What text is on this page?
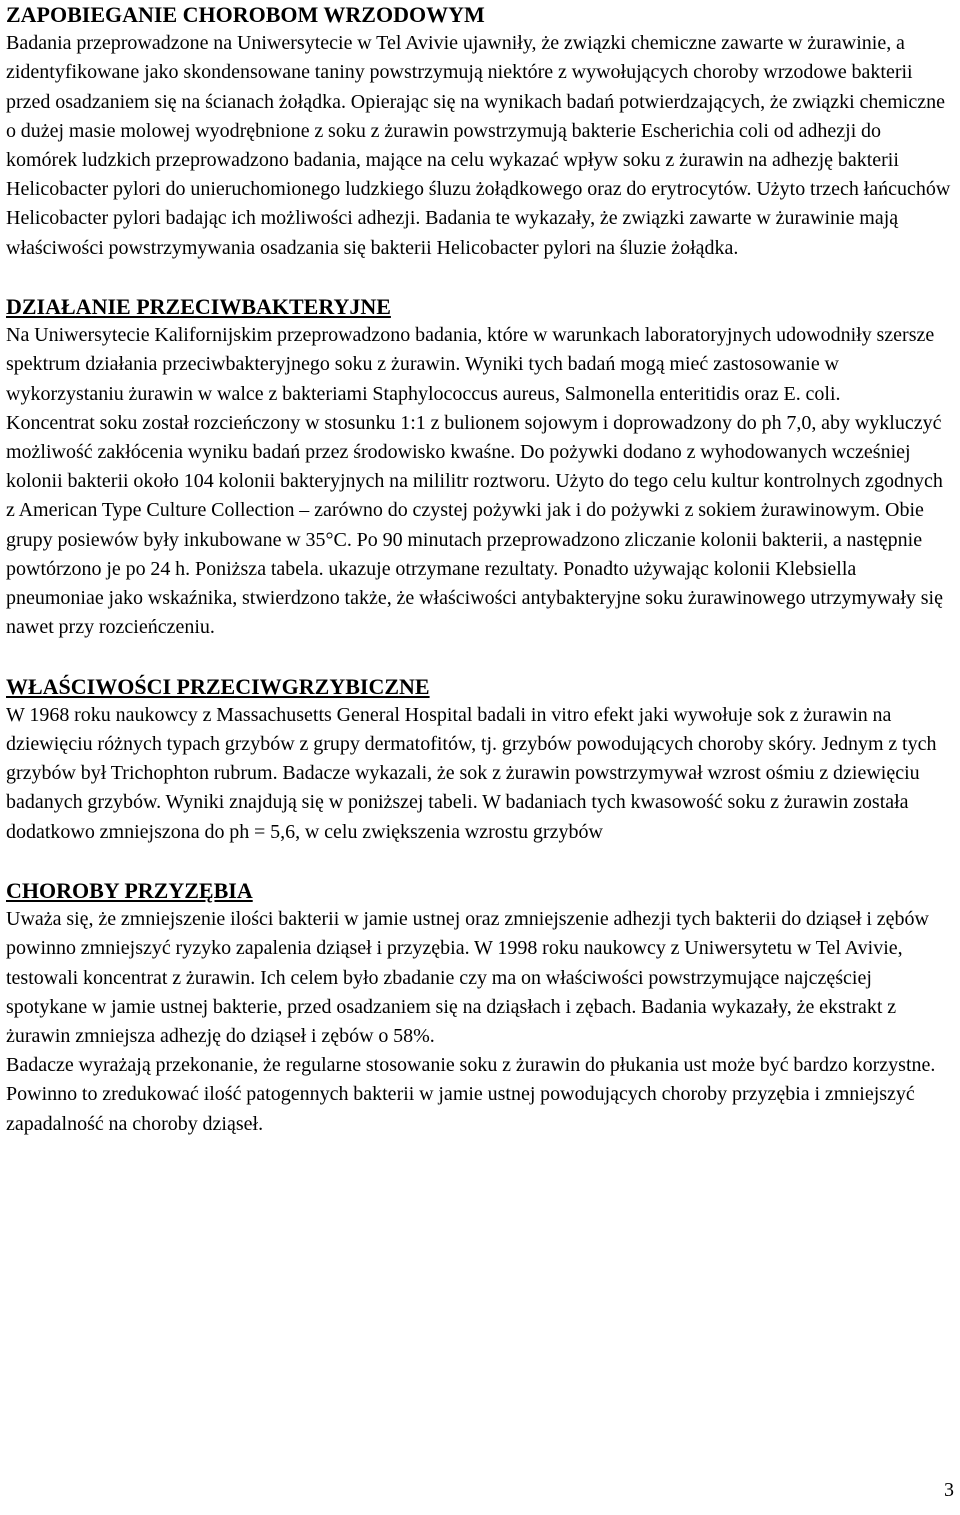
ZAPOBIEGANIE CHOROBOM WRZODOWYM

Badania przeprowadzone na Uniwersytecie w Tel Avivie ujawniły, że związki chemiczne zawarte w żurawinie, a zidentyfikowane jako skondensowane taniny powstrzymują niektóre z wywołujących choroby wrzodowe bakterii przed osadzaniem się na ścianach żołądka. Opierając się na wynikach badań potwierdzających, że związki chemiczne o dużej masie molowej wyodrębnione z soku z żurawin powstrzymują bakterie Escherichia coli od adhezji do komórek ludzkich przeprowadzono badania, mające na celu wykazać wpływ soku z żurawin na adhezję bakterii Helicobacter pylori do unieruchomionego ludzkiego śluzu żołądkowego oraz do erytrocytów. Użyto trzech łańcuchów Helicobacter pylori badając ich możliwości adhezji. Badania te wykazały, że związki zawarte w żurawinie mają właściwości powstrzymywania osadzania się bakterii Helicobacter pylori na śluzie żołądka.

DZIAŁANIE PRZECIWBAKTERYJNE

Na Uniwersytecie Kalifornijskim przeprowadzono badania, które w warunkach laboratoryjnych udowodniły szersze spektrum działania przeciwbakteryjnego soku z żurawin. Wyniki tych badań mogą mieć zastosowanie w wykorzystaniu żurawin w walce z bakteriami Staphylococcus aureus, Salmonella enteritidis oraz E. coli.

Koncentrat soku został rozcieńczony w stosunku 1:1 z bulionem sojowym i doprowadzony do ph 7,0, aby wykluczyć możliwość zakłócenia wyniku badań przez środowisko kwaśne. Do pożywki dodano z wyhodowanych wcześniej kolonii bakterii około 104 kolonii bakteryjnych na mililitr roztworu. Użyto do tego celu kultur kontrolnych zgodnych z American Type Culture Collection – zarówno do czystej pożywki jak i do pożywki z sokiem żurawinowym. Obie grupy posiewów były inkubowane w 35°C. Po 90 minutach przeprowadzono zliczanie kolonii bakterii, a następnie powtórzono je po 24 h. Poniższa tabela. ukazuje otrzymane rezultaty. Ponadto używając kolonii Klebsiella pneumoniae jako wskaźnika, stwierdzono także, że właściwości antybakteryjne soku żurawinowego utrzymywały się nawet przy rozcieńczeniu.

WŁAŚCIWOŚCI PRZECIWGRZYBICZNE

W 1968 roku naukowcy z Massachusetts General Hospital badali in vitro efekt jaki wywołuje sok z żurawin na dziewięciu różnych typach grzybów z grupy dermatofitów, tj. grzybów powodujących choroby skóry. Jednym z tych grzybów był Trichophton rubrum. Badacze wykazali, że sok z żurawin powstrzymywał wzrost ośmiu z dziewięciu badanych grzybów. Wyniki znajdują się w poniższej tabeli. W badaniach tych kwasowość soku z żurawin została dodatkowo zmniejszona do ph = 5,6, w celu zwiększenia wzrostu grzybów

CHOROBY PRZYZĘBIA

Uważa się, że zmniejszenie ilości bakterii w jamie ustnej oraz zmniejszenie adhezji tych bakterii do dziąseł i zębów powinno zmniejszyć ryzyko zapalenia dziąseł i przyzębia. W 1998 roku naukowcy z Uniwersytetu w Tel Avivie, testowali koncentrat z żurawin. Ich celem było zbadanie czy ma on właściwości powstrzymujące najczęściej spotykane w jamie ustnej bakterie, przed osadzaniem się na dziąsłach i zębach. Badania wykazały, że ekstrakt z żurawin zmniejsza adhezję do dziąseł i zębów o 58%.

Badacze wyrażają przekonanie, że regularne stosowanie soku z żurawin do płukania ust może być bardzo korzystne. Powinno to zredukować ilość patogennych bakterii w jamie ustnej powodujących choroby przyzębia i zmniejszyć zapadalność na choroby dziąseł.

3
